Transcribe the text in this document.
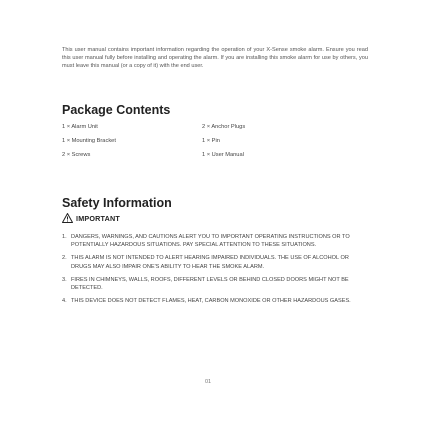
This user manual contains important information regarding the operation of your X-Sense smoke alarm. Ensure you read this user manual fully before installing and operating the alarm. If you are installing this smoke alarm for use by others, you must leave this manual (or a copy of it) with the end user.

Package Contents
1 × Alarm Unit	2 × Anchor Plugs
1 × Mounting Bracket	1 × Pin
2 × Screws	1 × User Manual
Safety Information
IMPORTANT
1. DANGERS, WARNINGS, AND CAUTIONS ALERT YOU TO IMPORTANT OPERATING INSTRUCTIONS OR TO POTENTIALLY HAZARDOUS SITUATIONS. PAY SPECIAL ATTENTION TO THESE SITUATIONS.
2. THIS ALARM IS NOT INTENDED TO ALERT HEARING IMPAIRED INDIVIDUALS. THE USE OF ALCOHOL OR DRUGS MAY ALSO IMPAIR ONE'S ABILITY TO HEAR THE SMOKE ALARM.
3. FIRES IN CHIMNEYS, WALLS, ROOFS, DIFFERENT LEVELS OR BEHIND CLOSED DOORS MIGHT NOT BE DETECTED.
4. THIS DEVICE DOES NOT DETECT FLAMES, HEAT, CARBON MONOXIDE OR OTHER HAZARDOUS GASES.
01
